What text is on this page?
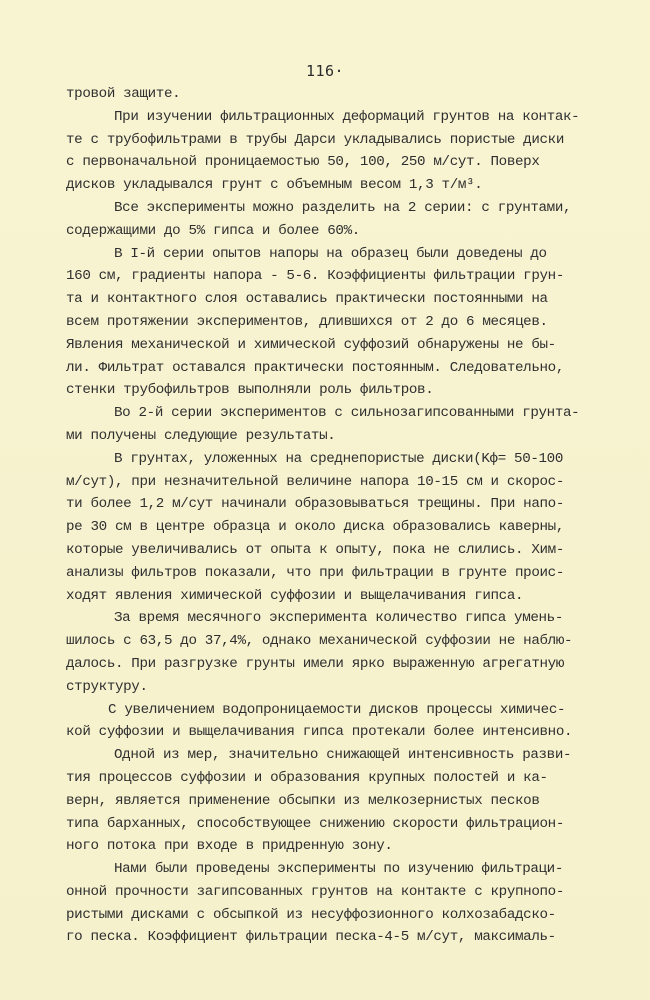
116·
тровой защите.
При изучении фильтрационных деформаций грунтов на контак-
те с трубофильтрами в трубы Дарси укладывались пористые диски
с первоначальной проницаемостью 50, 100, 250 м/сут. Поверх
дисков укладывался грунт с объемным весом 1,3 т/м³.
Все эксперименты можно разделить на 2 серии: с грунтами,
содержащими до 5% гипса и более 60%.
В I-й серии опытов напоры на образец были доведены до
160 см, градиенты напора - 5-6. Коэффициенты фильтрации грун-
та и контактного слоя оставались практически постоянными на
всем протяжении экспериментов, длившихся от 2 до 6 месяцев.
Явления механической и химической суффозий обнаружены не бы-
ли. Фильтрат оставался практически постоянным. Следовательно,
стенки трубофильтров выполняли роль фильтров.
Во 2-й серии экспериментов с сильнозагипсованными грунта-
ми получены следующие результаты.
В грунтах, уложенных на среднепористые диски(Kф= 50-100
м/сут), при незначительной величине напора 10-15 см и скорос-
ти более 1,2 м/сут начинали образовываться трещины. При напо-
ре 30 см в центре образца и около диска образовались каверны,
которые увеличивались от опыта к опыту, пока не слились. Хим-
анализы фильтров показали, что при фильтрации в грунте проис-
ходят явления химической суффозии и выщелачивания гипса.
За время месячного эксперимента количество гипса умень-
шилось с 63,5 до 37,4%, однако механической суффозии не наблю-
далось. При разгрузке грунты имели ярко выраженную агрегатную
структуру.
С увеличением водопроницаемости дисков процессы химичес-
кой суффозии и выщелачивания гипса протекали более интенсивно.
Одной из мер, значительно снижающей интенсивность разви-
тия процессов суффозии и образования крупных полостей и ка-
верн, является применение обсыпки из мелкозернистых песков
типа барханных, способствующее снижению скорости фильтрацион-
ного потока при входе в придренную зону.
Нами были проведены эксперименты по изучению фильтраци-
онной прочности загипсованных грунтов на контакте с крупнопо-
ристыми дисками с обсыпкой из несуффозионного колхозабадско-
го песка. Коэффициент фильтрации песка-4-5 м/сут, максималь-
